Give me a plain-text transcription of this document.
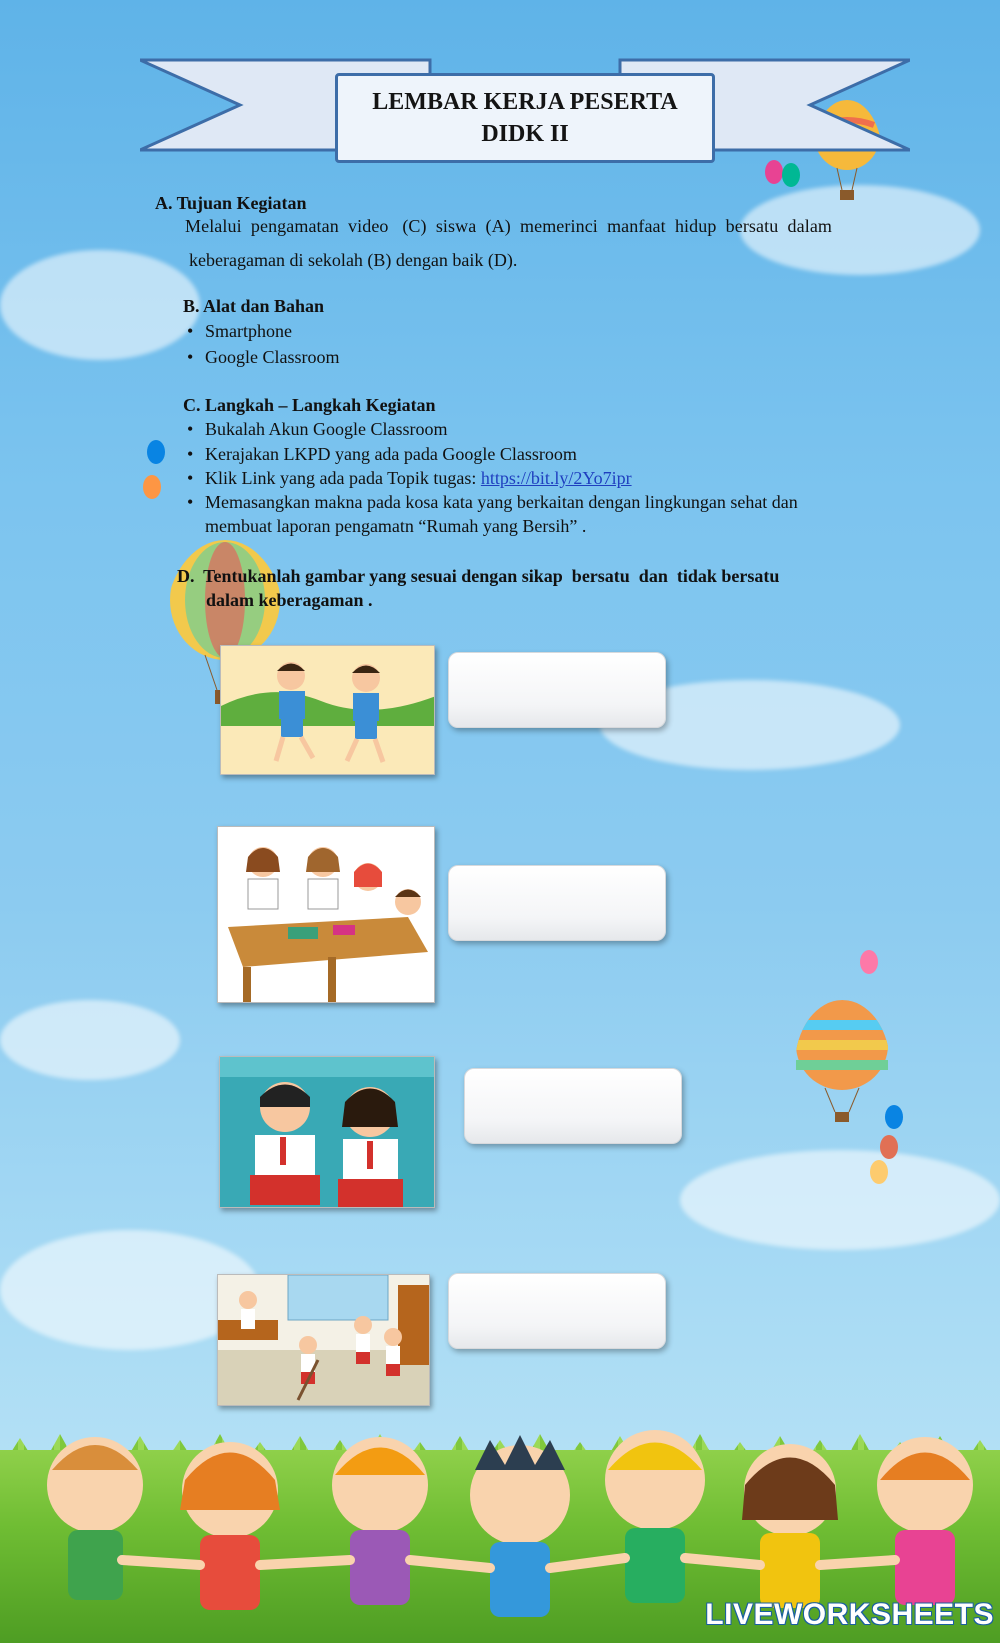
LEMBAR KERJA PESERTA
DIDK II
A. Tujuan Kegiatan
Melalui  pengamatan  video   (C)  siswa  (A)  memerinci  manfaat  hidup  bersatu  dalam
keberagaman di sekolah (B) dengan baik (D).
B. Alat dan Bahan
• Smartphone
• Google Classroom
C. Langkah – Langkah Kegiatan
• Bukalah Akun Google Classroom
• Kerajakan LKPD yang ada pada Google Classroom
• Klik Link yang ada pada Topik tugas: https://bit.ly/2Yo7ipr
• Memasangkan makna pada kosa kata yang berkaitan dengan lingkungan sehat dan
membuat laporan pengamatn “Rumah yang Bersih” .
D.  Tentukanlah gambar yang sesuai dengan sikap  bersatu  dan  tidak bersatu
dalam keberagaman .
LIVEWORKSHEETS
